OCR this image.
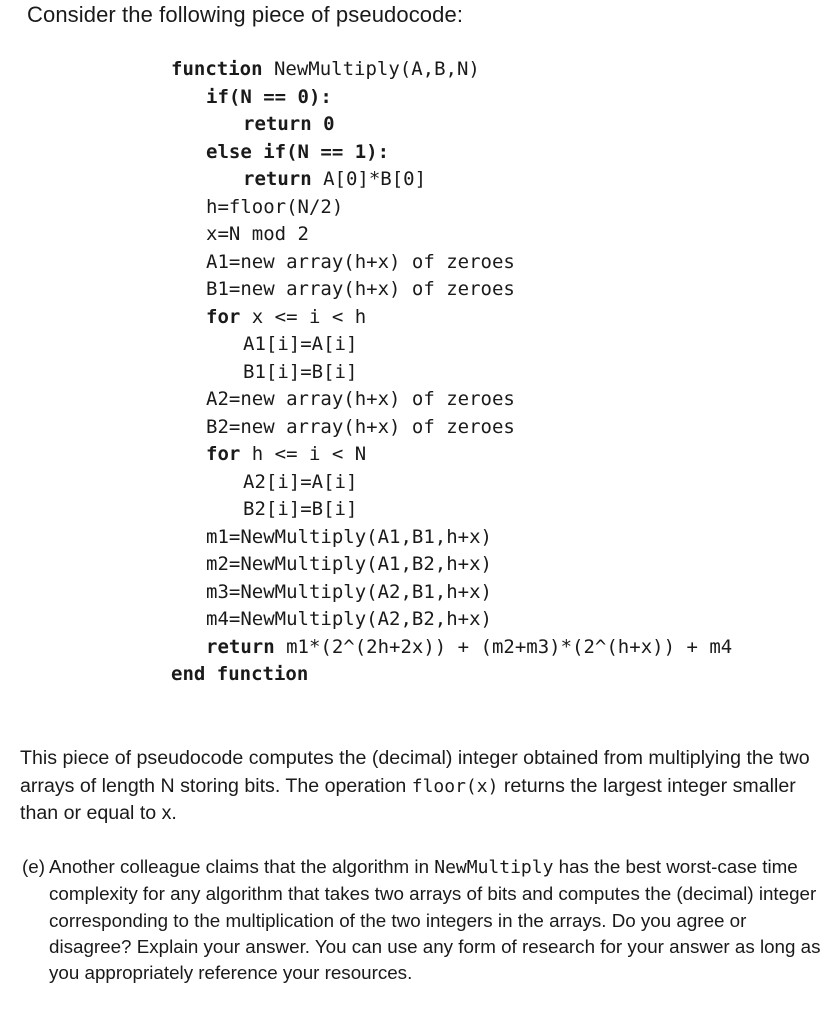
Consider the following piece of pseudocode:
function NewMultiply(A,B,N)
if(N == 0):
return 0
else if(N == 1):
return A[0]*B[0]
h=floor(N/2)
x=N mod 2
A1=new array(h+x) of zeroes
B1=new array(h+x) of zeroes
for x <= i < h
A1[i]=A[i]
B1[i]=B[i]
A2=new array(h+x) of zeroes
B2=new array(h+x) of zeroes
for h <= i < N
A2[i]=A[i]
B2[i]=B[i]
m1=NewMultiply(A1,B1,h+x)
m2=NewMultiply(A1,B2,h+x)
m3=NewMultiply(A2,B1,h+x)
m4=NewMultiply(A2,B2,h+x)
return m1*(2^(2h+2x)) + (m2+m3)*(2^(h+x)) + m4
end function
This piece of pseudocode computes the (decimal) integer obtained from multiplying the two arrays of length N storing bits. The operation floor(x) returns the largest integer smaller than or equal to x.
(e) Another colleague claims that the algorithm in NewMultiply has the best worst-case time complexity for any algorithm that takes two arrays of bits and computes the (decimal) integer corresponding to the multiplication of the two integers in the arrays. Do you agree or disagree? Explain your answer. You can use any form of research for your answer as long as you appropriately reference your resources.
